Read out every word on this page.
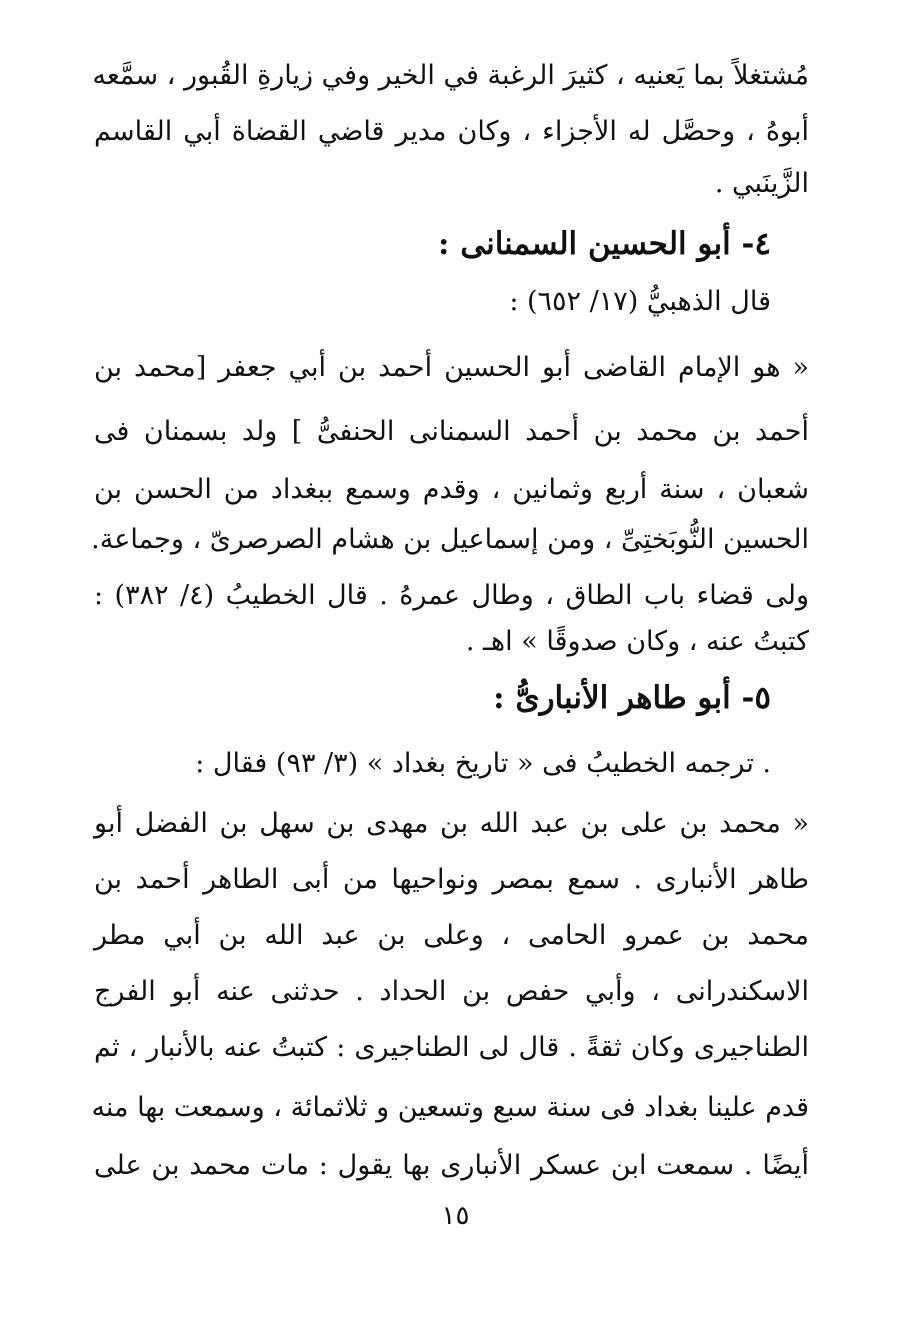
مُشتغلاً بما يَعنيه ، كثيرَ الرغبة في الخير وفي زيارةِ القُبور ، سمَّعه
أبوهُ ، وحصَّل له الأجزاء ، وكان مدير قاضي القضاة أبي القاسم
الزَّينَبي .
٤- أبو الحسين السمنانى :
قال الذهبيُّ (١٧/ ٦٥٢) :
« هو الإمام القاضى أبو الحسين أحمد بن أبي جعفر [محمد بن
أحمد بن محمد بن أحمد السمنانى الحنفىُّ ] ولد بسمنان فى
شعبان ، سنة أربع وثمانين ، وقدم وسمع ببغداد من الحسن بن
الحسين النُّوبَختِىِّ ، ومن إسماعيل بن هشام الصرصرىّ ، وجماعة.
ولى قضاء باب الطاق ، وطال عمرهُ . قال الخطيبُ (٤/ ٣٨٢) :
كتبتُ عنه ، وكان صدوقًا » اهـ .
٥- أبو طاهر الأنبارىُّ :
. ترجمه الخطيبُ فى « تاريخ بغداد » (٣/ ٩٣) فقال :
« محمد بن على بن عبد الله بن مهدى بن سهل بن الفضل أبو
طاهر الأنبارى . سمع بمصر ونواحيها من أبى الطاهر أحمد بن
محمد بن عمرو الحامى ، وعلى بن عبد الله بن أبي مطر
الاسكندرانى ، وأبي حفص بن الحداد . حدثنى عنه أبو الفرج
الطناجيرى وكان ثقةً . قال لى الطناجيرى : كتبتُ عنه بالأنبار ، ثم
قدم علينا بغداد فى سنة سبع وتسعين و ثلاثمائة ، وسمعت بها منه
أيضًا . سمعت ابن عسكر الأنبارى بها يقول : مات محمد بن على
١٥
